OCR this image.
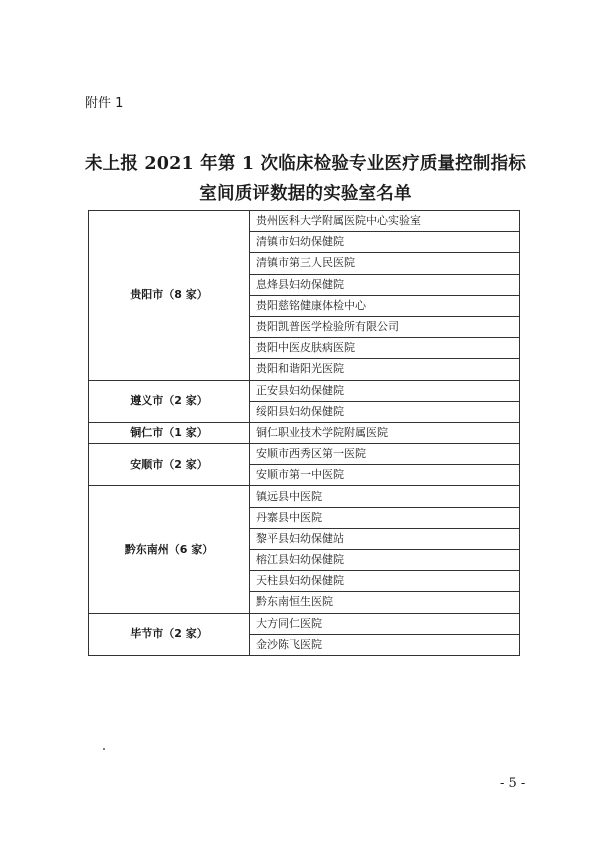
附件 1
未上报 2021 年第 1 次临床检验专业医疗质量控制指标
室间质评数据的实验室名单
贵阳市（8 家）	贵州医科大学附属医院中心实验室
	清镇市妇幼保健院
	清镇市第三人民医院
	息烽县妇幼保健院
	贵阳慈铭健康体检中心
	贵阳凯普医学检验所有限公司
	贵阳中医皮肤病医院
	贵阳和谐阳光医院
遵义市（2 家）	正安县妇幼保健院
	绥阳县妇幼保健院
铜仁市（1 家）	铜仁职业技术学院附属医院
安顺市（2 家）	安顺市西秀区第一医院
	安顺市第一中医院
黔东南州（6 家）	镇远县中医院
	丹寨县中医院
	黎平县妇幼保健站
	榕江县妇幼保健院
	天柱县妇幼保健院
	黔东南恒生医院
毕节市（2 家）	大方同仁医院
	金沙陈飞医院
- 5 -
